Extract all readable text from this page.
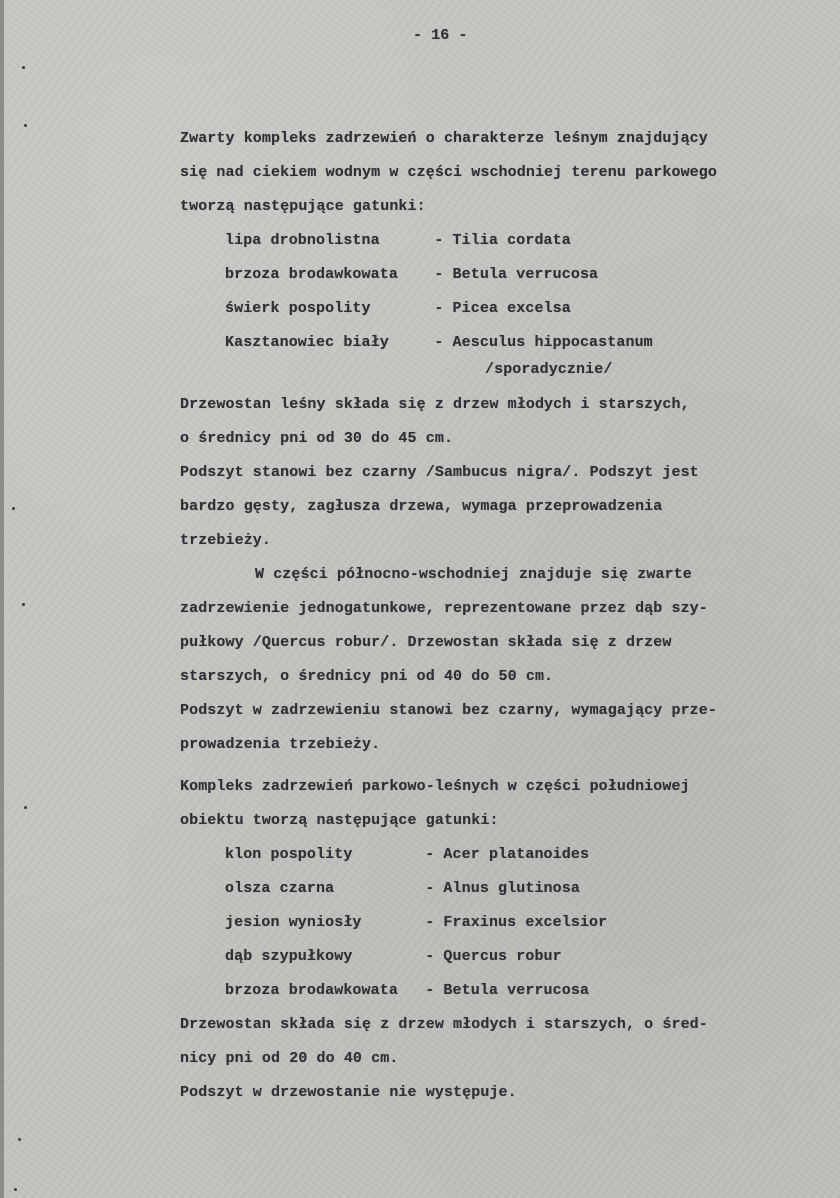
- 16 -
Zwarty kompleks zadrzewień o charakterze leśnym znajdujący
się nad ciekiem wodnym w części wschodniej terenu parkowego
tworzą następujące gatunki:
lipa drobnolistna      - Tilia cordata
brzoza brodawkowata    - Betula verrucosa
świerk pospolity       - Picea excelsa
Kasztanowiec biały     - Aesculus hippocastanum
/sporadycznie/
Drzewostan leśny składa się z drzew młodych i starszych,
o średnicy pni od 30 do 45 cm.
Podszyt stanowi bez czarny /Sambucus nigra/. Podszyt jest
bardzo gęsty, zagłusza drzewa, wymaga przeprowadzenia
trzebieży.
W części północno-wschodniej znajduje się zwarte
zadrzewienie jednogatunkowe, reprezentowane przez dąb szy-
pułkowy /Quercus robur/. Drzewostan składa się z drzew
starszych, o średnicy pni od 40 do 50 cm.
Podszyt w zadrzewieniu stanowi bez czarny, wymagający prze-
prowadzenia trzebieży.
Kompleks zadrzewień parkowo-leśnych w części południowej
obiektu tworzą następujące gatunki:
klon pospolity        - Acer platanoides
olsza czarna          - Alnus glutinosa
jesion wyniosły       - Fraxinus excelsior
dąb szypułkowy        - Quercus robur
brzoza brodawkowata   - Betula verrucosa
Drzewostan składa się z drzew młodych i starszych, o śred-
nicy pni od 20 do 40 cm.
Podszyt w drzewostanie nie występuje.
